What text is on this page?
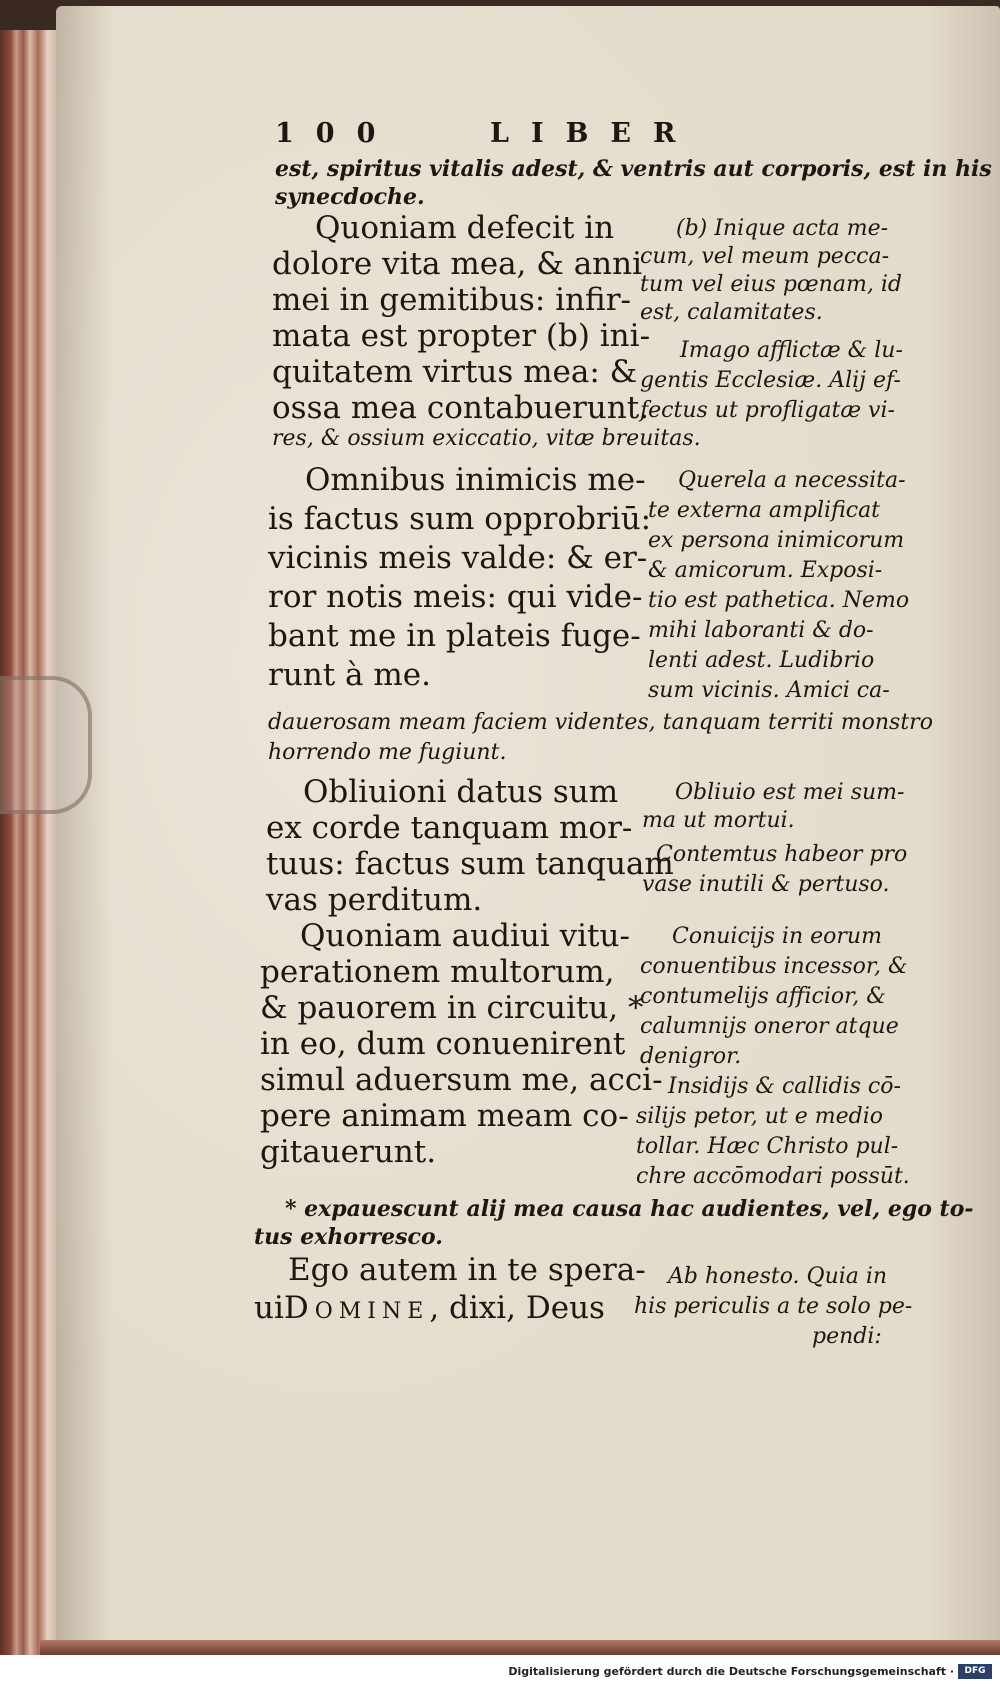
100	LIBER
est, spiritus vitalis adest, & ventris aut corporis, est in his
synecdoche.
Quoniam defecit in
dolore vita mea, & anni
mei in gemitibus: infir-
mata est propter (b) ini-
quitatem virtus mea: &
ossa mea contabuerunt.
(b) Inique acta me-
cum, vel meum pecca-
tum vel eius pœnam, id
est, calamitates.
Imago afflictæ & lu-
gentis Ecclesiæ. Alij ef-
fectus ut profligatæ vi-
res, & ossium exiccatio, vitæ breuitas.
Omnibus inimicis me-
is factus sum opprobriū:
vicinis meis valde: & er-
ror notis meis: qui vide-
bant me in plateis fuge-
runt à me.
Querela a necessita-
te externa amplificat
ex persona inimicorum
& amicorum. Exposi-
tio est pathetica. Nemo
mihi laboranti & do-
lenti adest. Ludibrio
sum vicinis. Amici ca-
dauerosam meam faciem videntes, tanquam territi monstro
horrendo me fugiunt.
Obliuioni datus sum
ex corde tanquam mor-
tuus: factus sum tanquam
vas perditum.
Obliuio est mei sum-
ma ut mortui.
Contemtus habeor pro
vase inutili & pertuso.
Quoniam audiui vitu-
perationem multorum,
& pauorem in circuitu, *
in eo, dum conuenirent
simul aduersum me, acci-
pere animam meam co-
gitauerunt.
Conuicijs in eorum
conuentibus incessor, &
contumelijs afficior, &
calumnijs oneror atque
denigror.
Insidijs & callidis cō-
silijs petor, ut e medio
tollar. Hæc Christo pul-
chre accōmodari possūt.
* expauescunt alij mea causa hac audientes, vel, ego to-
tus exhorresco.
Ego autem in te spera-
uiDomine, dixi, Deus
Ab honesto. Quia in
his periculis a te solo pe-
pendi:
Digitalisierung gefördert durch die Deutsche Forschungsgemeinschaft ·	DFG
